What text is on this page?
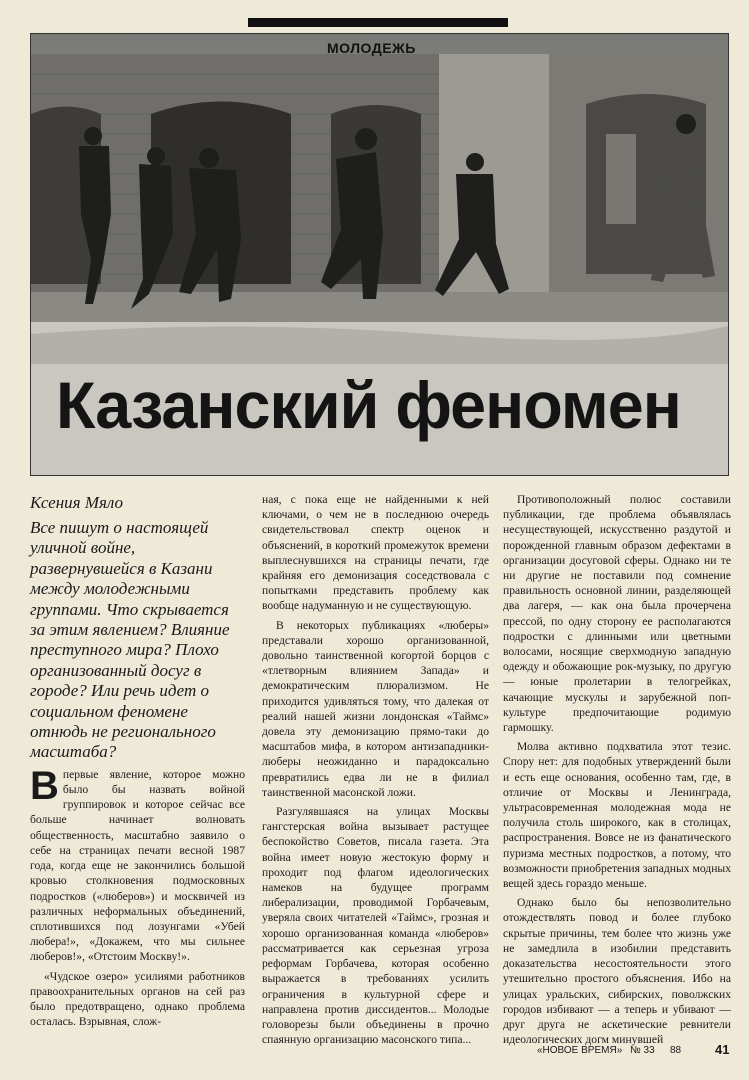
МОЛОДЕЖЬ
Казанский феномен

Ксения Мяло

Все пишут о настоящей уличной войне, развернувшейся в Казани между молодежными группами. Что скрывается за этим явлением? Влияние преступного мира? Плохо организованный досуг в городе? Или речь идет о социальном феномене отнюдь не регионального масштаба?

Впервые явление, которое можно было бы назвать войной группировок и которое сейчас все больше начинает волновать общественность, масштабно заявило о себе на страницах печати весной 1987 года, когда еще не закончились большой кровью столкновения подмосковных подростков («люберов») и москвичей из различных неформальных объединений, сплотившихся под лозунгами «Убей люберa!», «Докажем, что мы сильнее люберов!», «Отстоим Москву!».

«Чудское озеро» усилиями работников правоохранительных органов на сей раз было предотвращено, однако проблема осталась. Взрывная, слож-

ная, с пока еще не найденными к ней ключами, о чем не в последнюю очередь свидетельствовал спектр оценок и объяснений, в короткий промежуток времени выплеснувшихся на страницы печати, где крайняя его демонизация соседствовала с попытками представить проблему как вообще надуманную и не существующую.

В некоторых публикациях «люберы» представали хорошо организованной, довольно таинственной когортой борцов с «тлетворным влиянием Запада» и демократическим плюрализмом. Не приходится удивляться тому, что далекая от реалий нашей жизни лондонская «Таймс» довела эту демонизацию прямо-таки до масштабов мифа, в котором антизападники-люберы неожиданно и парадоксально превратились едва ли не в филиал таинственной масонской ложи.

Разгулявшаяся на улицах Москвы гангстерская война вызывает растущее беспокойство Советов, писала газета. Эта война имеет новую жестокую форму и проходит под флагом идеологических намеков на будущее программ либерализации, проводимой Горбачевым, уверяла своих читателей «Таймс», грозная и хорошо организованная команда «люберов» рассматривается как серьезная угроза реформам Горбачева, которая особенно выражается в требованиях усилить ограничения в культурной сфере и направлена против диссидентов... Молодые головорезы были объединены в прочно спаянную организацию масонского типа...

Противоположный полюс составили публикации, где проблема объявлялась несуществующей, искусственно раздутой и порожденной главным образом дефектами в организации досуговой сферы. Однако ни те ни другие не поставили под сомнение правильность основной линии, разделяющей два лагеря, — как она была прочерчена прессой, по одну сторону ее располагаются подростки с длинными или цветными волосами, носящие сверхмодную западную одежду и обожающие рок-музыку, по другую — юные пролетарии в телогрейках, качающие мускулы и зарубежной поп-культуре предпочитающие родимую гармошку.

Молва активно подхватила этот тезис. Спору нет: для подобных утверждений были и есть еще основания, особенно там, где, в отличие от Москвы и Ленинграда, ультрасовременная молодежная мода не получила столь широкого, как в столицах, распространения. Вовсе не из фанатического пуризма местных подростков, а потому, что возможности приобретения западных модных вещей здесь гораздо меньше.

Однако было бы непозволительно отождествлять повод и более глубоко скрытые причины, тем более что жизнь уже не замедлила в изобилии представить доказательства несостоятельности этого утешительно простого объяснения. Ибо на улицах уральских, сибирских, поволжских городов избивают — а теперь и убивают — друг друга не аскетические ревнители идеологических догм минувшей

«НОВОЕ ВРЕМЯ» № 33 88	41
